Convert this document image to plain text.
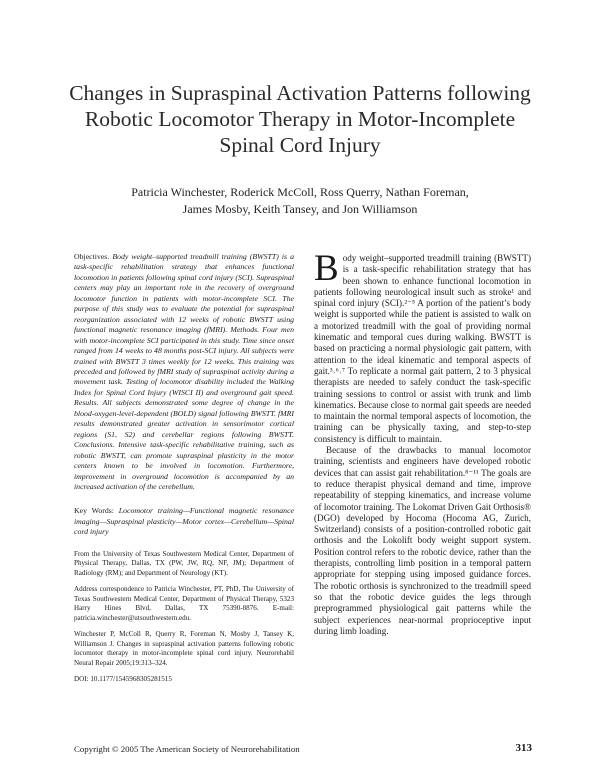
Changes in Supraspinal Activation Patterns following Robotic Locomotor Therapy in Motor-Incomplete Spinal Cord Injury
Patricia Winchester, Roderick McColl, Ross Querry, Nathan Foreman,
James Mosby, Keith Tansey, and Jon Williamson
Objectives. Body weight–supported treadmill training (BWSTT) is a task-specific rehabilitation strategy that enhances functional locomotion in patients following spinal cord injury (SCI). Supraspinal centers may play an important role in the recovery of overground locomotor function in patients with motor-incomplete SCI. The purpose of this study was to evaluate the potential for supraspinal reorganization associated with 12 weeks of robotic BWSTT using functional magnetic resonance imaging (fMRI). Methods. Four men with motor-incomplete SCI participated in this study. Time since onset ranged from 14 weeks to 48 months post-SCI injury. All subjects were trained with BWSTT 3 times weekly for 12 weeks. This training was preceded and followed by fMRI study of supraspinal activity during a movement task. Testing of locomotor disability included the Walking Index for Spinal Cord Injury (WISCI II) and overground gait speed. Results. All subjects demonstrated some degree of change in the blood-oxygen-level-dependent (BOLD) signal following BWSTT. fMRI results demonstrated greater activation in sensorimotor cortical regions (S1, S2) and cerebellar regions following BWSTT. Conclusions. Intensive task-specific rehabilitative training, such as robotic BWSTT, can promote supraspinal plasticity in the motor centers known to be involved in locomotion. Furthermore, improvement in overground locomotion is accompanied by an increased activation of the cerebellum.
Key Words: Locomotor training—Functional magnetic resonance imaging—Supraspinal plasticity—Motor cortex—Cerebellum—Spinal cord injury

From the University of Texas Southwestern Medical Center, Department of Physical Therapy, Dallas, TX (PW, JW, RQ, NF, JM); Department of Radiology (RM); and Department of Neurology (KT).

Address correspondence to Patricia Winchester, PT, PhD, The University of Texas Southwestern Medical Center, Department of Physical Therapy, 5323 Harry Hines Blvd, Dallas, TX 75390-8876. E-mail: patricia.winchester@utsouthwestern.edu.

Winchester P, McColl R, Querry R, Foreman N, Mosby J, Tansey K, Williamson J. Changes in supraspinal activation patterns following robotic locomotor therapy in motor-incomplete spinal cord injury. Neurorehabil Neural Repair 2005;19:313–324.

DOI: 10.1177/1545968305281515

Body weight–supported treadmill training (BWSTT) is a task-specific rehabilitation strategy that has been shown to enhance functional locomotion in patients following neurological insult such as stroke¹ and spinal cord injury (SCI).²⁻⁵ A portion of the patient’s body weight is supported while the patient is assisted to walk on a motorized treadmill with the goal of providing normal kinematic and temporal cues during walking. BWSTT is based on practicing a normal physiologic gait pattern, with attention to the ideal kinematic and temporal aspects of gait.³˒⁶˒⁷ To replicate a normal gait pattern, 2 to 3 physical therapists are needed to safely conduct the task-specific training sessions to control or assist with trunk and limb kinematics. Because close to normal gait speeds are needed to maintain the normal temporal aspects of locomotion, the training can be physically taxing, and step-to-step consistency is difficult to maintain.

Because of the drawbacks to manual locomotor training, scientists and engineers have developed robotic devices that can assist gait rehabilitation.⁸⁻¹¹ The goals are to reduce therapist physical demand and time, improve repeatability of stepping kinematics, and increase volume of locomotor training. The Lokomat Driven Gait Orthosis® (DGO) developed by Hocoma (Hocoma AG, Zurich, Switzerland) consists of a position-controlled robotic gait orthosis and the Lokolift body weight support system. Position control refers to the robotic device, rather than the therapists, controlling limb position in a temporal pattern appropriate for stepping using imposed guidance forces. The robotic orthosis is synchronized to the treadmill speed so that the robotic device guides the legs through preprogrammed physiological gait patterns while the subject experiences near-normal proprioceptive input during limb loading.

Copyright © 2005 The American Society of Neurorehabilitation	313
